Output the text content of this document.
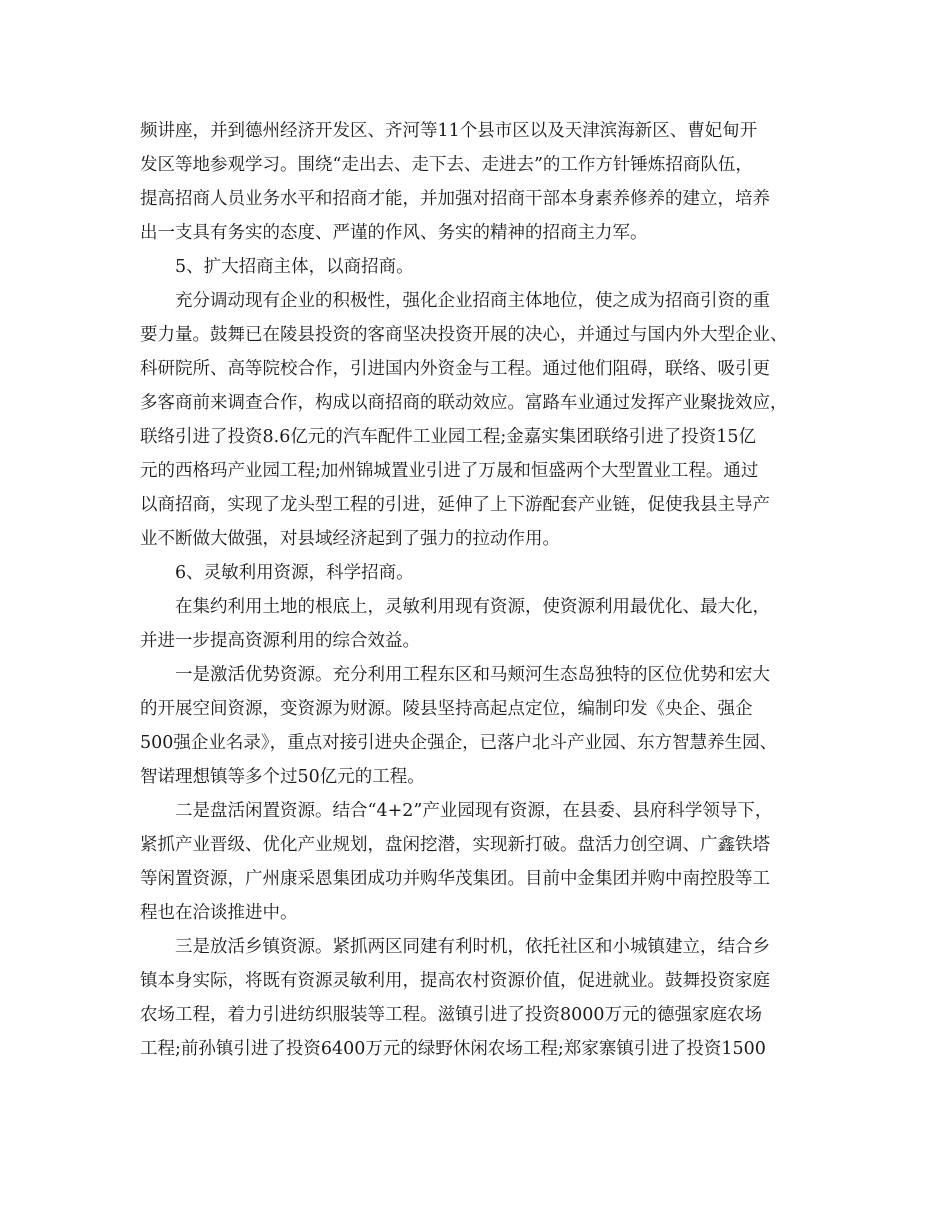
频讲座，并到德州经济开发区、齐河等11个县市区以及天津滨海新区、曹妃甸开
发区等地参观学习。围绕“走出去、走下去、走进去”的工作方针锤炼招商队伍，
提高招商人员业务水平和招商才能，并加强对招商干部本身素养修养的建立，培养
出一支具有务实的态度、严谨的作风、务实的精神的招商主力军。
5、扩大招商主体，以商招商。
充分调动现有企业的积极性，强化企业招商主体地位，使之成为招商引资的重
要力量。鼓舞已在陵县投资的客商坚决投资开展的决心，并通过与国内外大型企业、
科研院所、高等院校合作，引进国内外资金与工程。通过他们阻碍，联络、吸引更
多客商前来调查合作，构成以商招商的联动效应。富路车业通过发挥产业聚拢效应，
联络引进了投资8.6亿元的汽车配件工业园工程;金嘉实集团联络引进了投资15亿
元的西格玛产业园工程;加州锦城置业引进了万晟和恒盛两个大型置业工程。通过
以商招商，实现了龙头型工程的引进，延伸了上下游配套产业链，促使我县主导产
业不断做大做强，对县域经济起到了强力的拉动作用。
6、灵敏利用资源，科学招商。
在集约利用土地的根底上，灵敏利用现有资源，使资源利用最优化、最大化，
并进一步提高资源利用的综合效益。
一是激活优势资源。充分利用工程东区和马颊河生态岛独特的区位优势和宏大
的开展空间资源，变资源为财源。陵县坚持高起点定位，编制印发《央企、强企
500强企业名录》，重点对接引进央企强企，已落户北斗产业园、东方智慧养生园、
智诺理想镇等多个过50亿元的工程。
二是盘活闲置资源。结合“4+2”产业园现有资源，在县委、县府科学领导下，
紧抓产业晋级、优化产业规划，盘闲挖潜，实现新打破。盘活力创空调、广鑫铁塔
等闲置资源，广州康采恩集团成功并购华茂集团。目前中金集团并购中南控股等工
程也在洽谈推进中。
三是放活乡镇资源。紧抓两区同建有利时机，依托社区和小城镇建立，结合乡
镇本身实际，将既有资源灵敏利用，提高农村资源价值，促进就业。鼓舞投资家庭
农场工程，着力引进纺织服装等工程。滋镇引进了投资8000万元的德强家庭农场
工程;前孙镇引进了投资6400万元的绿野休闲农场工程;郑家寨镇引进了投资1500
